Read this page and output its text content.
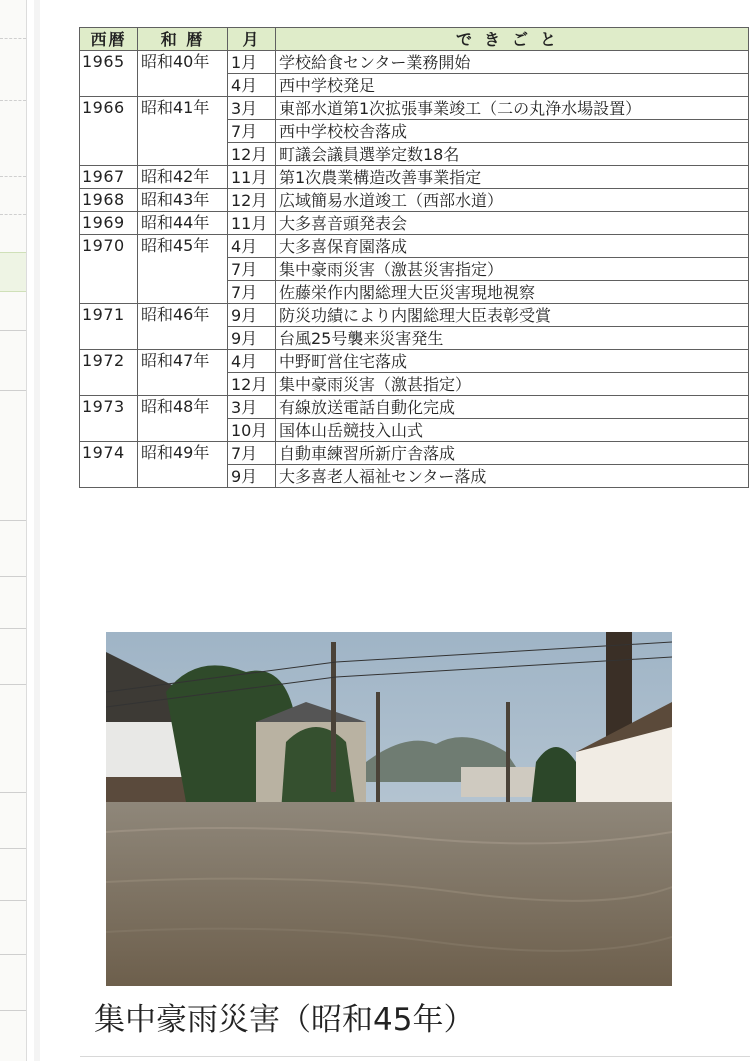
西暦	和 暦	月	できごと
1965	昭和40年	1月	学校給食センター業務開始
		4月	西中学校発足
1966	昭和41年	3月	東部水道第1次拡張事業竣工（二の丸浄水場設置）
		7月	西中学校校舎落成
		12月	町議会議員選挙定数18名
1967	昭和42年	11月	第1次農業構造改善事業指定
1968	昭和43年	12月	広域簡易水道竣工（西部水道）
1969	昭和44年	11月	大多喜音頭発表会
1970	昭和45年	4月	大多喜保育園落成
		7月	集中豪雨災害（激甚災害指定）
		7月	佐藤栄作内閣総理大臣災害現地視察
1971	昭和46年	9月	防災功績により内閣総理大臣表彰受賞
		9月	台風25号襲来災害発生
1972	昭和47年	4月	中野町営住宅落成
		12月	集中豪雨災害（激甚指定）
1973	昭和48年	3月	有線放送電話自動化完成
		10月	国体山岳競技入山式
1974	昭和49年	7月	自動車練習所新庁舎落成
		9月	大多喜老人福祉センター落成
集中豪雨災害（昭和45年）
